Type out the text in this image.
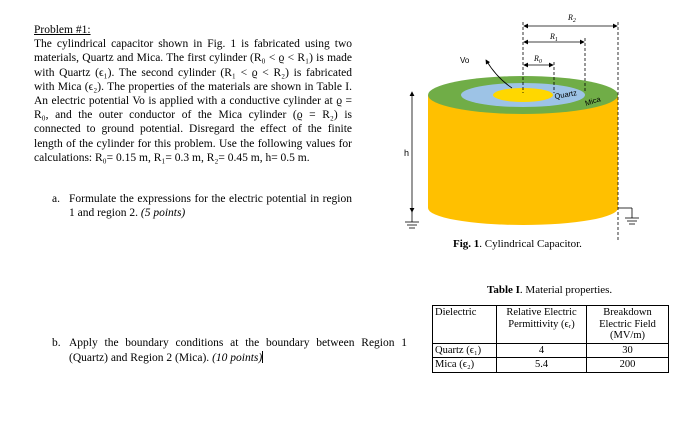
Problem #1:

The cylindrical capacitor shown in Fig. 1 is fabricated using two materials, Quartz and Mica. The first cylinder (R₀ < ϱ < R₁) is made with Quartz (ϵ₁). The second cylinder (R₁ < ϱ < R₂) is fabricated with Mica (ϵ₂). The properties of the materials are shown in Table I. An electric potential Vo is applied with a conductive cylinder at ϱ = R₀, and the outer conductor of the Mica cylinder (ϱ = R₂) is connected to ground potential. Disregard the effect of the finite length of the cylinder for this problem. Use the following values for calculations: R₀= 0.15 m, R₁= 0.3 m, R₂= 0.45 m, h= 0.5 m.

a. Formulate the expressions for the electric potential in region 1 and region 2. (5 points)
b. Apply the boundary conditions at the boundary between Region 1 (Quartz) and Region 2 (Mica). (10 points)
Quartz Mica
$R_2$
$R_1$
$R_0$
Vo
h
Fig. 1. Cylindrical Capacitor.
Table I. Material properties.
Dielectric	Relative Electric Permittivity (ϵᵣ)	Breakdown Electric Field (MV/m)
Quartz (ϵ₁)	4	30
Mica (ϵ₂)	5.4	200
